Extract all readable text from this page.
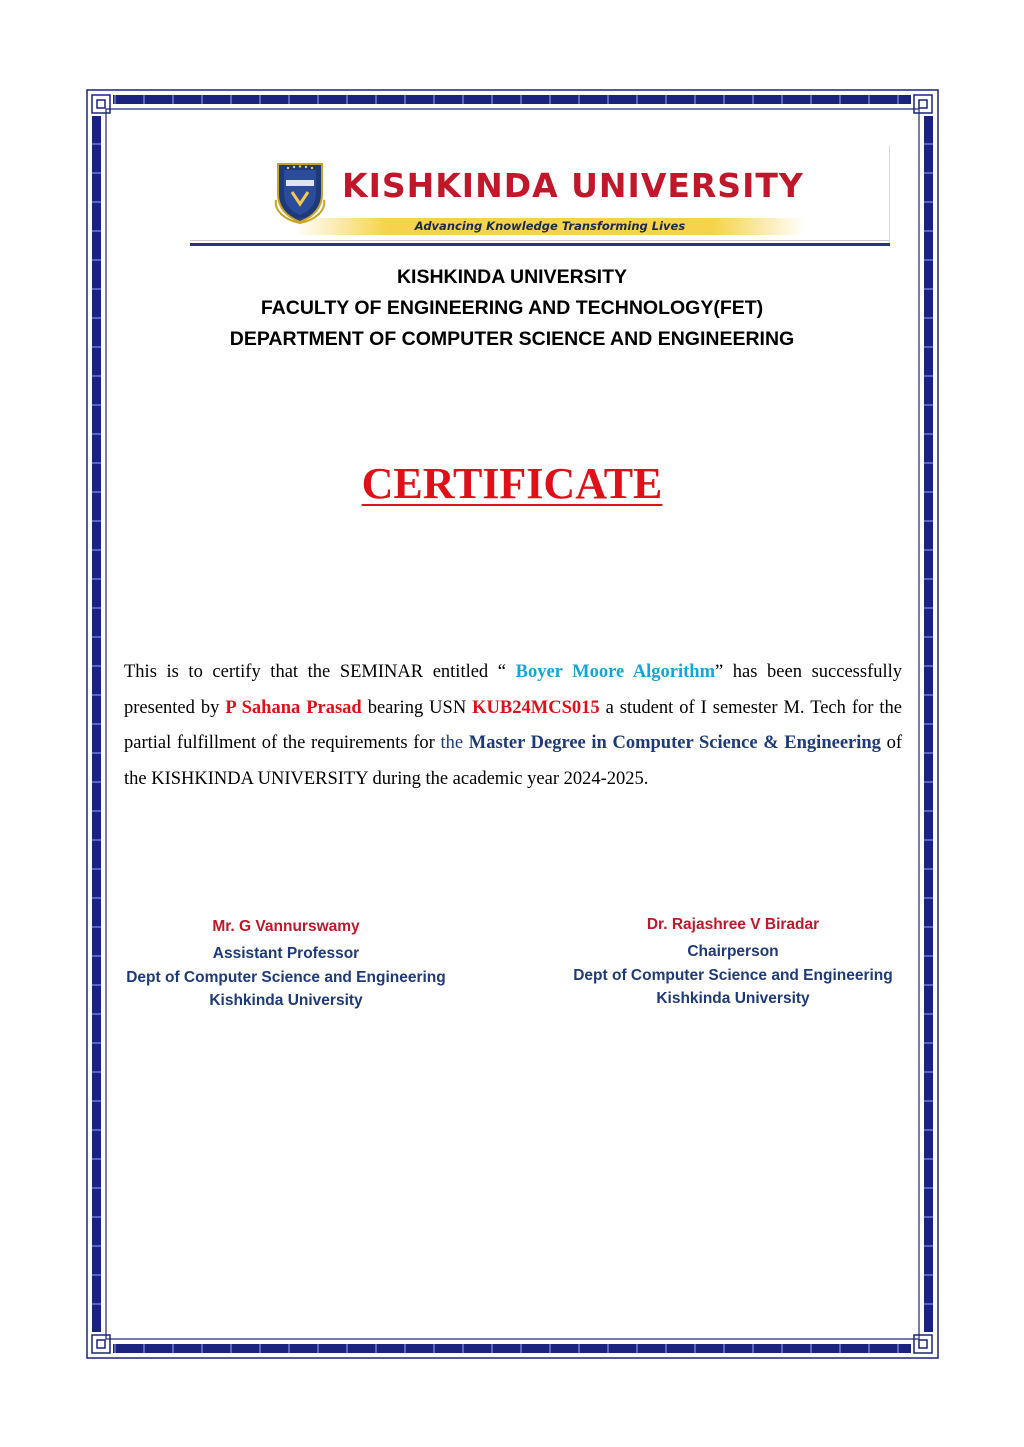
KISHKINDA UNIVERSITY
Advancing Knowledge Transforming Lives
KISHKINDA UNIVERSITY
FACULTY OF ENGINEERING AND TECHNOLOGY(FET)
DEPARTMENT OF COMPUTER SCIENCE AND ENGINEERING
CERTIFICATE
This is to certify that the SEMINAR entitled “ Boyer Moore Algorithm” has been successfully presented by P Sahana Prasad bearing USN KUB24MCS015 a student of I semester M. Tech for the partial fulfillment of the requirements for the Master Degree in Computer Science & Engineering of the KISHKINDA UNIVERSITY during the academic year 2024-2025.
Mr. G Vannurswamy
Assistant Professor
Dept of Computer Science and Engineering
Kishkinda University
Dr. Rajashree V Biradar
Chairperson
Dept of Computer Science and Engineering
Kishkinda University
